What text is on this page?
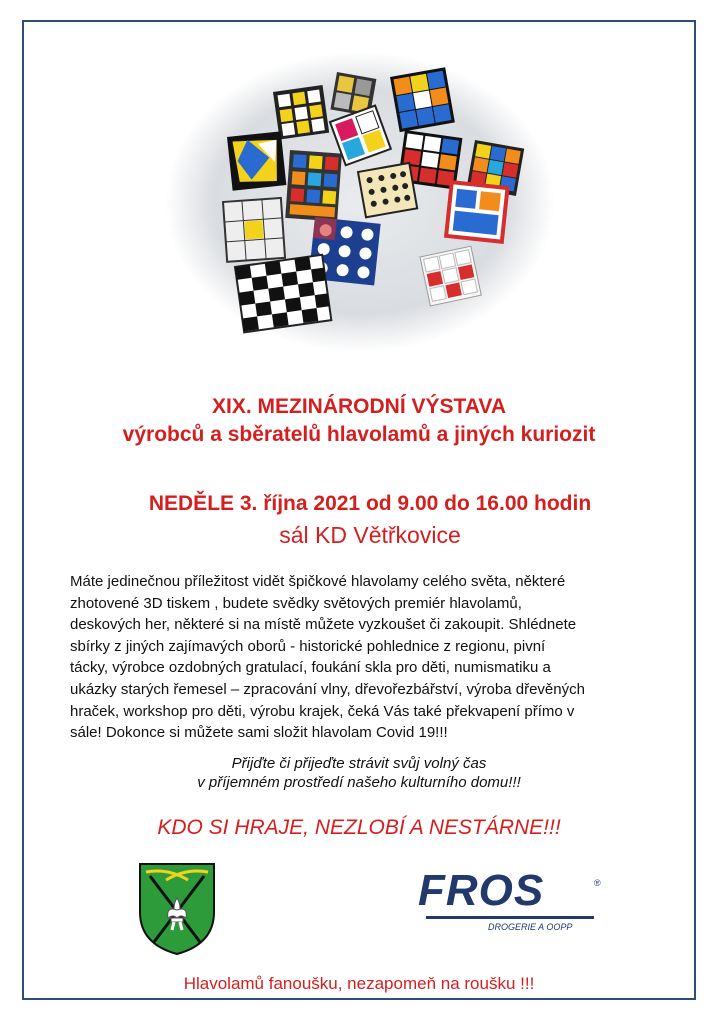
XIX. MEZINÁRODNÍ VÝSTAVA
výrobců a sběratelů hlavolamů a jiných kuriozit
NEDĚLE 3. října 2021 od 9.00 do 16.00 hodin
sál KD Větřkovice
Máte jedinečnou příležitost vidět špičkové hlavolamy celého světa, některé
zhotovené 3D tiskem , budete svědky světových premiér hlavolamů,
deskových her, některé si na místě můžete vyzkoušet či zakoupit. Shlédnete
sbírky z jiných zajímavých oborů - historické pohlednice z regionu, pivní
tácky, výrobce ozdobných gratulací, foukání skla pro děti, numismatiku a
ukázky starých řemesel – zpracování vlny, dřevořezbářství, výroba dřevěných
hraček, workshop pro děti, výrobu krajek, čeká Vás také překvapení přímo v
sále! Dokonce si můžete sami složit hlavolam Covid 19!!!
Přijďte či přijeďte strávit svůj volný čas
v příjemném prostředí našeho kulturního domu!!!
KDO SI HRAJE, NEZLOBÍ A NESTÁRNE!!!
FROS	®
DROGERIE A OOPP
Hlavolamů fanoušku, nezapomeň na roušku !!!
